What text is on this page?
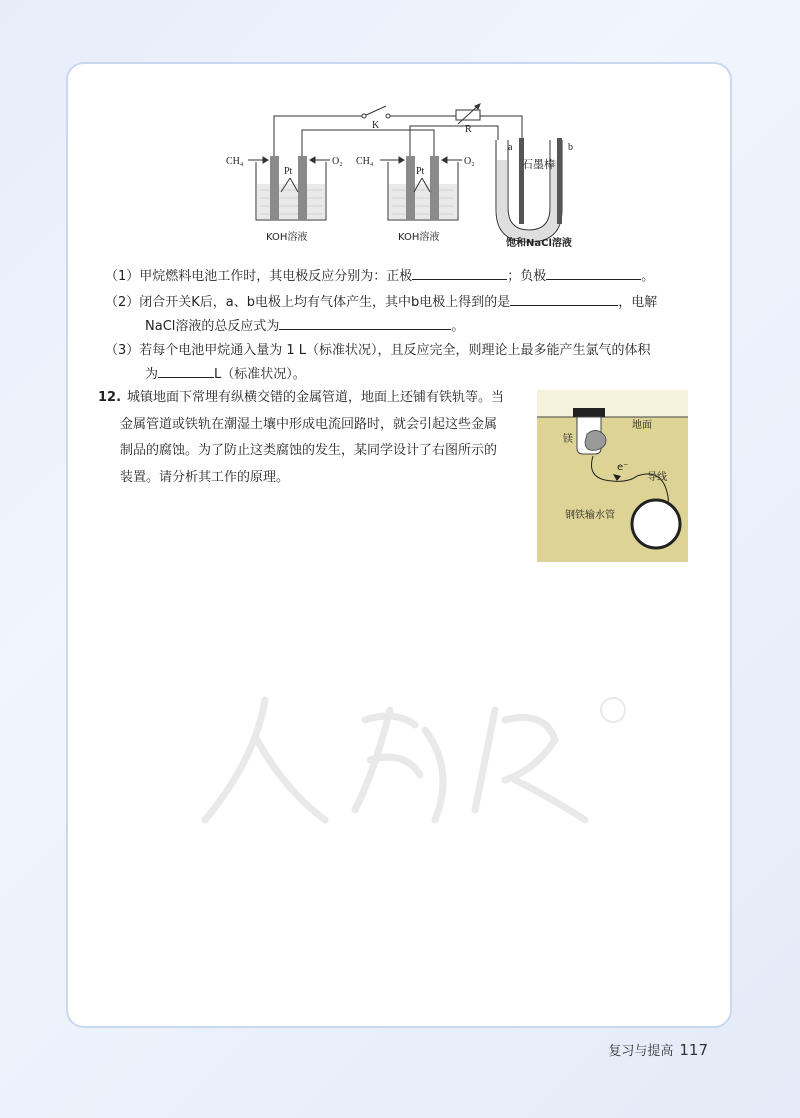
K	R
CH₄	O₂ CH₄	O₂
Pt	Pt
a	b
石墨棒
KOH溶液	KOH溶液
饱和NaCl溶液
（1）甲烷燃料电池工作时，其电极反应分别为：正极	；负极	。
（2）闭合开关K后，a、b电极上均有气体产生，其中b电极上得到的是	，电解
NaCl溶液的总反应式为	。
（3）若每个电池甲烷通入量为 1 L（标准状况），且反应完全，则理论上最多能产生氯气的体积
为	L（标准状况）。
12. 城镇地面下常埋有纵横交错的金属管道，地面上还铺有铁轨等。当
金属管道或铁轨在潮湿土壤中形成电流回路时，就会引起这些金属
制品的腐蚀。为了防止这类腐蚀的发生，某同学设计了右图所示的
装置。请分析其工作的原理。
地面
镁
e⁻
导线
钢铁输水管
复习与提高 117
